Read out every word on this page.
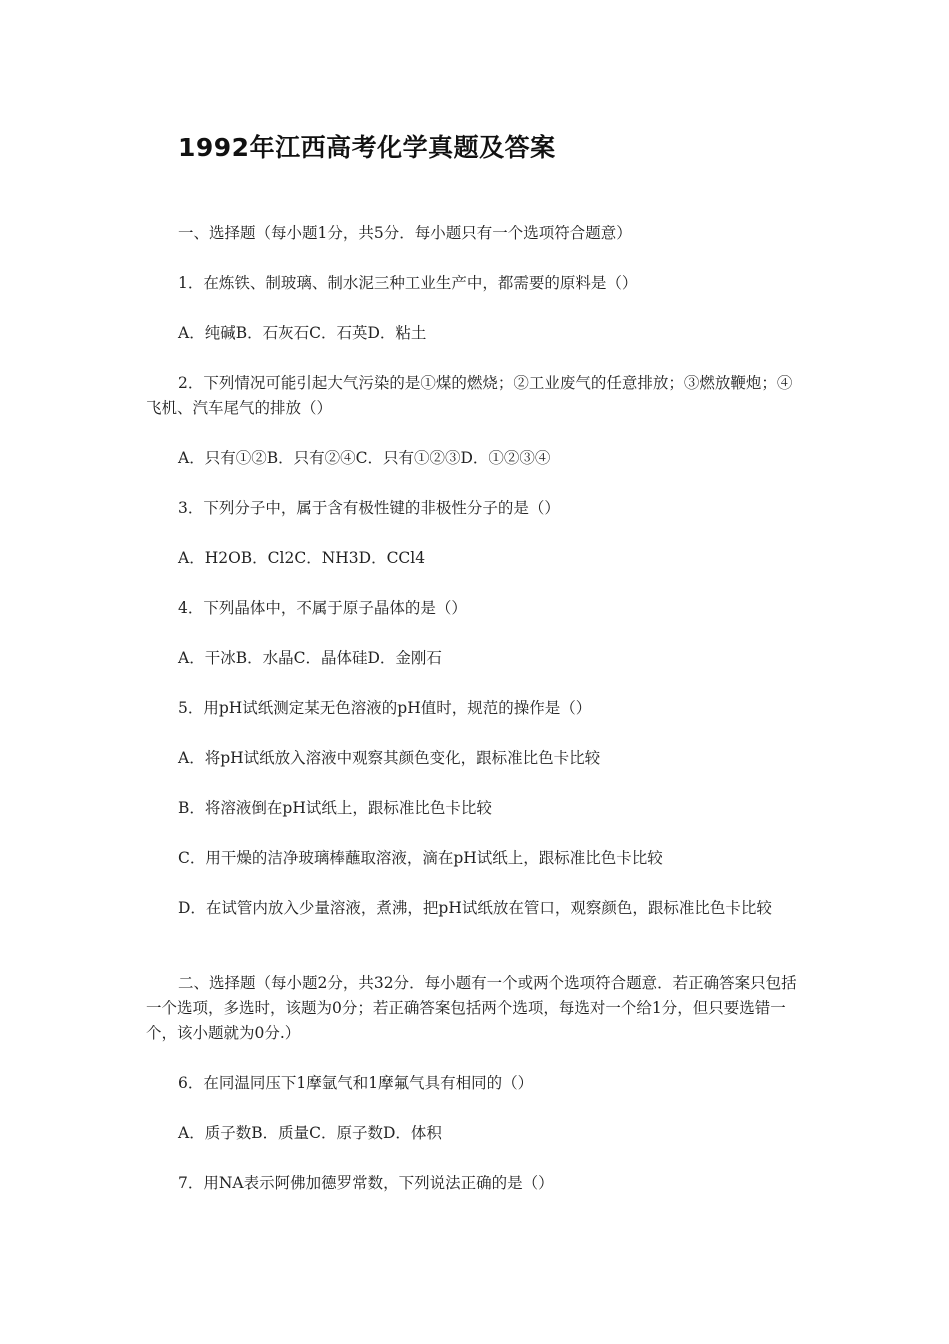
1992年江西高考化学真题及答案
一、选择题（每小题1分，共5分．每小题只有一个选项符合题意）
1．在炼铁、制玻璃、制水泥三种工业生产中，都需要的原料是（）
A．纯碱B．石灰石C．石英D．粘土
2．下列情况可能引起大气污染的是①煤的燃烧；②工业废气的任意排放；③燃放鞭炮；④飞机、汽车尾气的排放（）
A．只有①②B．只有②④C．只有①②③D．①②③④
3．下列分子中，属于含有极性键的非极性分子的是（）
A．H2OB．Cl2C．NH3D．CCl4
4．下列晶体中，不属于原子晶体的是（）
A．干冰B．水晶C．晶体硅D．金刚石
5．用pH试纸测定某无色溶液的pH值时，规范的操作是（）
A．将pH试纸放入溶液中观察其颜色变化，跟标准比色卡比较
B．将溶液倒在pH试纸上，跟标准比色卡比较
C．用干燥的洁净玻璃棒蘸取溶液，滴在pH试纸上，跟标准比色卡比较
D．在试管内放入少量溶液，煮沸，把pH试纸放在管口，观察颜色，跟标准比色卡比较
二、选择题（每小题2分，共32分．每小题有一个或两个选项符合题意．若正确答案只包括一个选项，多选时，该题为0分；若正确答案包括两个选项，每选对一个给1分，但只要选错一个，该小题就为0分.）
6．在同温同压下1摩氩气和1摩氟气具有相同的（）
A．质子数B．质量C．原子数D．体积
7．用NA表示阿佛加德罗常数，下列说法正确的是（）
